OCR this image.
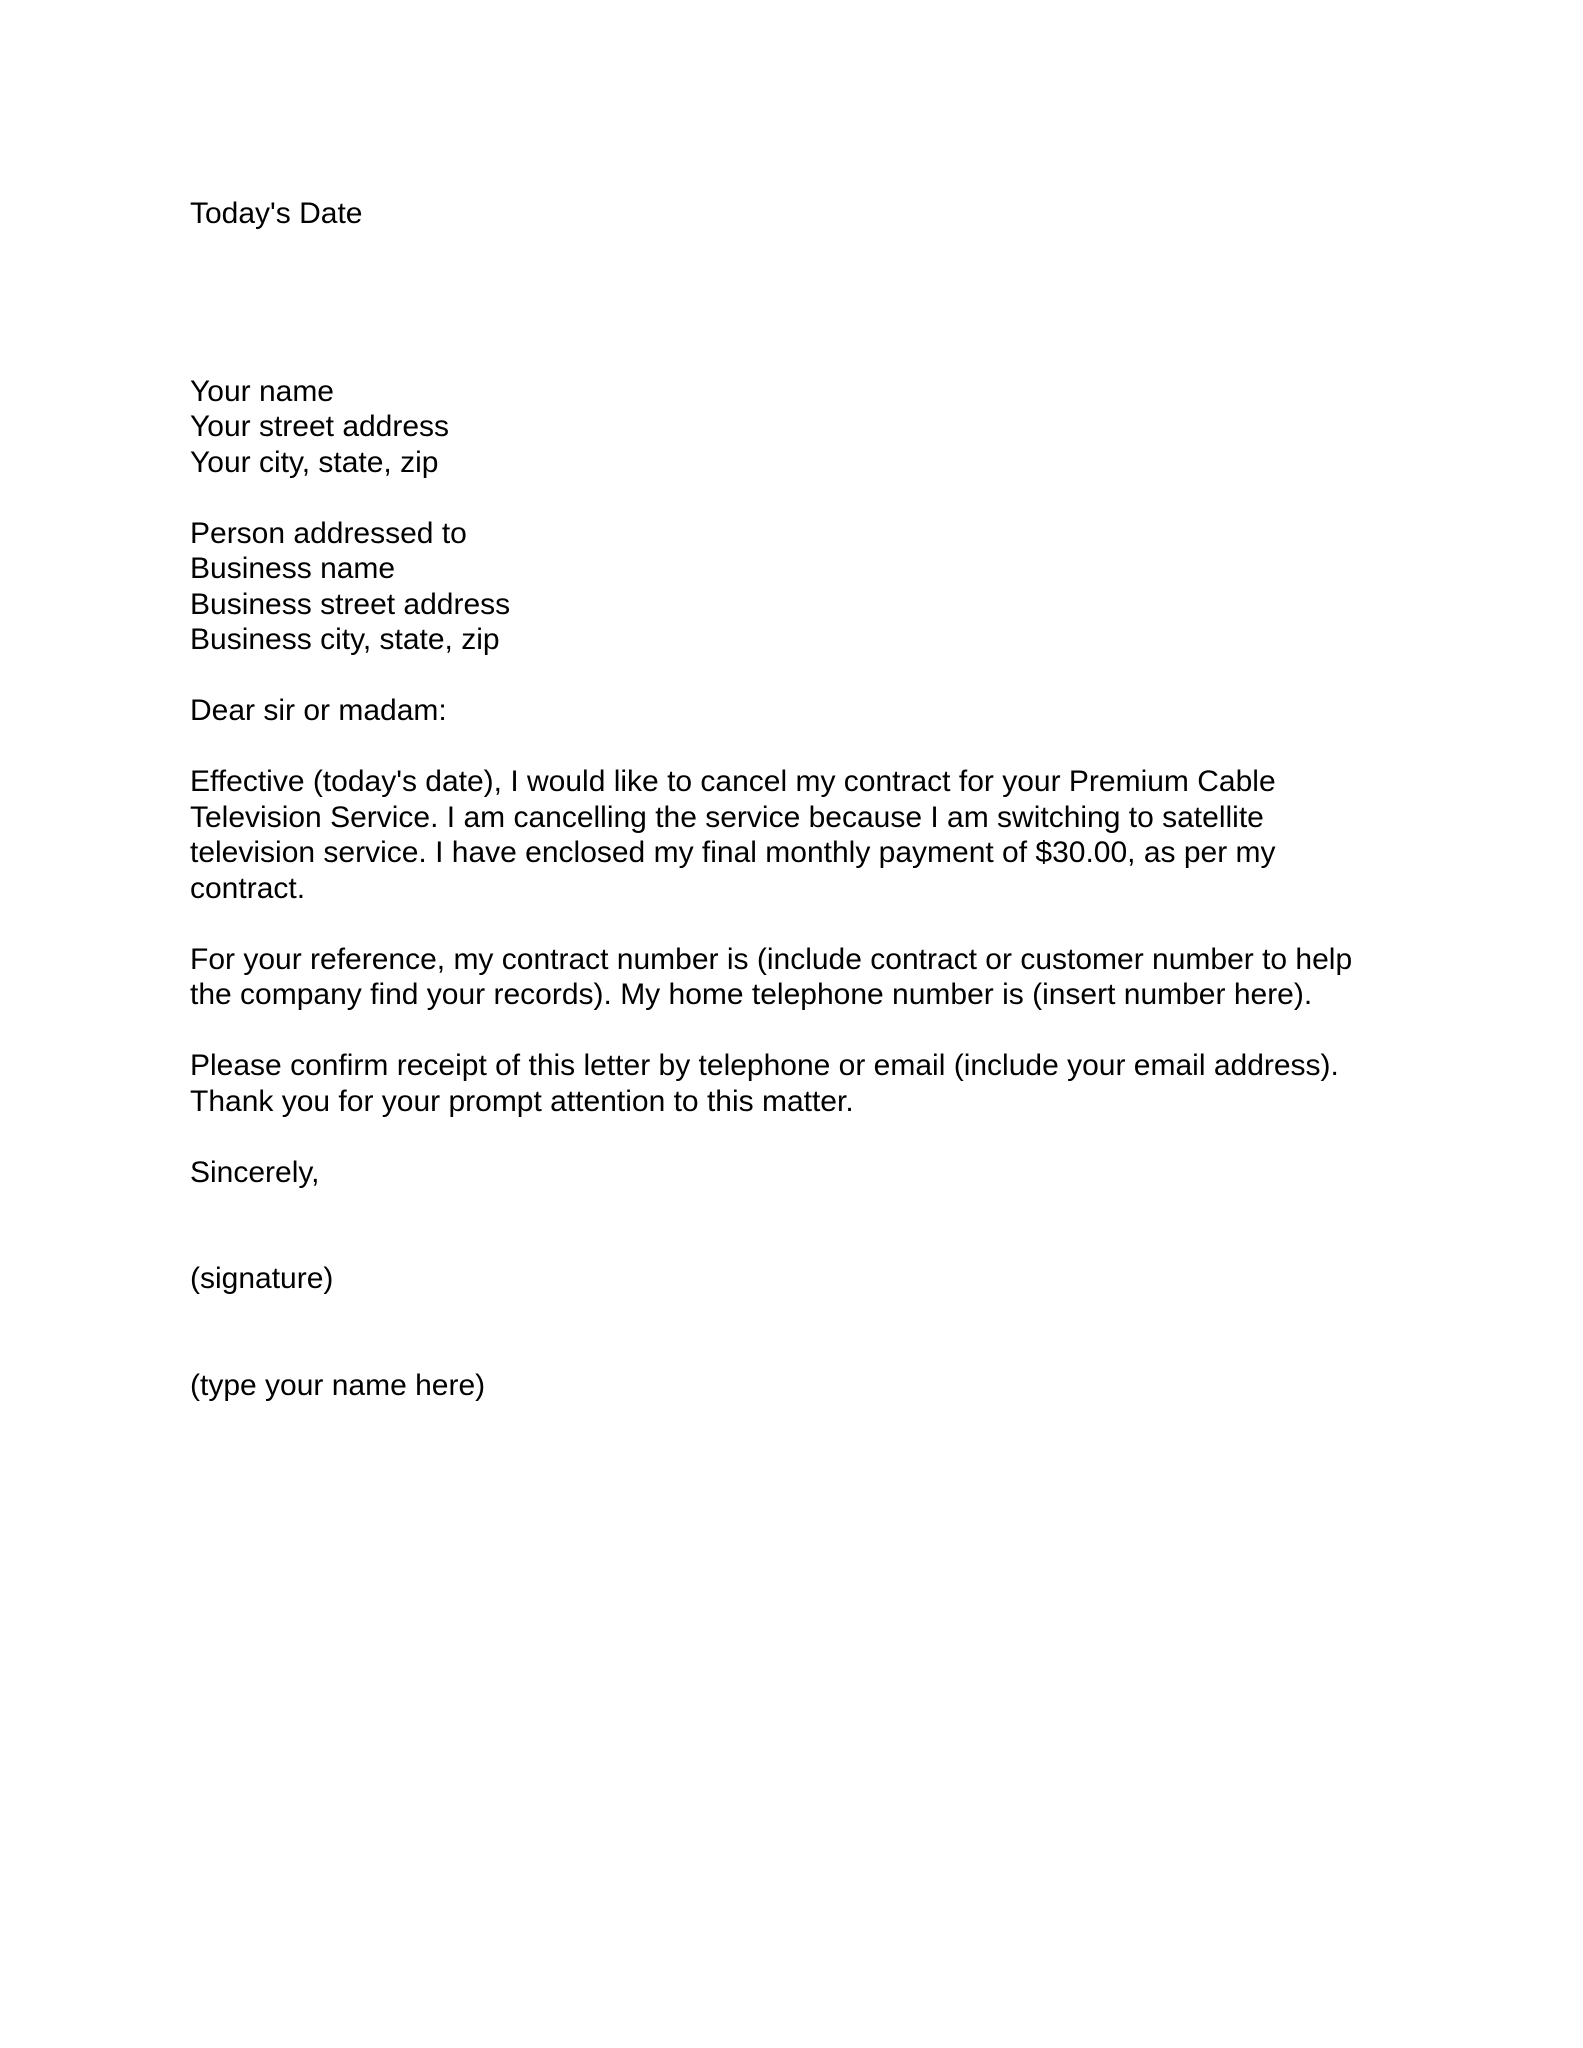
Today's Date
Your name
Your street address
Your city, state, zip
Person addressed to
Business name
Business street address
Business city, state, zip
Dear sir or madam:
Effective (today's date), I would like to cancel my contract for your Premium Cable
Television Service. I am cancelling the service because I am switching to satellite
television service. I have enclosed my final monthly payment of $30.00, as per my
contract.
For your reference, my contract number is (include contract or customer number to help
the company find your records). My home telephone number is (insert number here).
Please confirm receipt of this letter by telephone or email (include your email address).
Thank you for your prompt attention to this matter.
Sincerely,
(signature)
(type your name here)
